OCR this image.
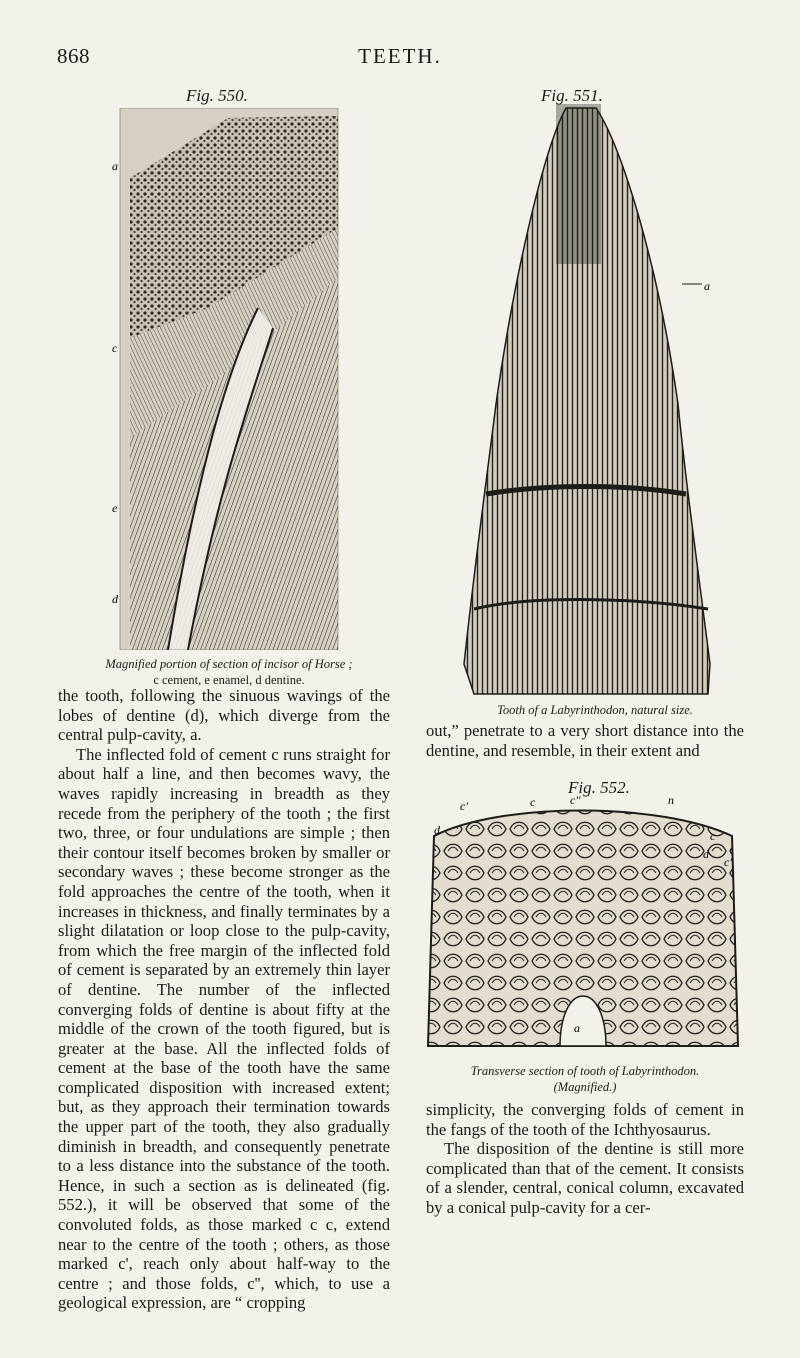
868	TEETH.
Fig. 550.
a
c
e
d
Magnified portion of section of incisor of Horse ;
c cement, e enamel, d dentine.
Fig. 551.
a
Tooth of a Labyrinthodon, natural size.
Fig. 552.
c'	c	c''	n
d	c
d
c'
a
Transverse section of tooth of Labyrinthodon.
(Magnified.)

the tooth, following the sinuous wavings of the lobes of dentine (d), which diverge from the central pulp-cavity, a.

The inflected fold of cement c runs straight for about half a line, and then becomes wavy, the waves rapidly increasing in breadth as they recede from the periphery of the tooth ; the first two, three, or four undulations are simple ; then their contour itself becomes broken by smaller or secondary waves ; these become stronger as the fold approaches the centre of the tooth, when it increases in thickness, and finally terminates by a slight dilatation or loop close to the pulp-cavity, from which the free margin of the inflected fold of cement is separated by an extremely thin layer of dentine. The number of the inflected converging folds of dentine is about fifty at the middle of the crown of the tooth figured, but is greater at the base. All the inflected folds of cement at the base of the tooth have the same complicated disposition with increased extent; but, as they approach their termination towards the upper part of the tooth, they also gradually diminish in breadth, and consequently penetrate to a less distance into the substance of the tooth. Hence, in such a section as is delineated (fig. 552.), it will be observed that some of the convoluted folds, as those marked c c, extend near to the centre of the tooth ; others, as those marked c', reach only about half-way to the centre ; and those folds, c'', which, to use a geological expression, are “ cropping

out,” penetrate to a very short distance into the dentine, and resemble, in their extent and

simplicity, the converging folds of cement in the fangs of the tooth of the Ichthyosaurus.

The disposition of the dentine is still more complicated than that of the cement. It consists of a slender, central, conical column, excavated by a conical pulp-cavity for a cer-
